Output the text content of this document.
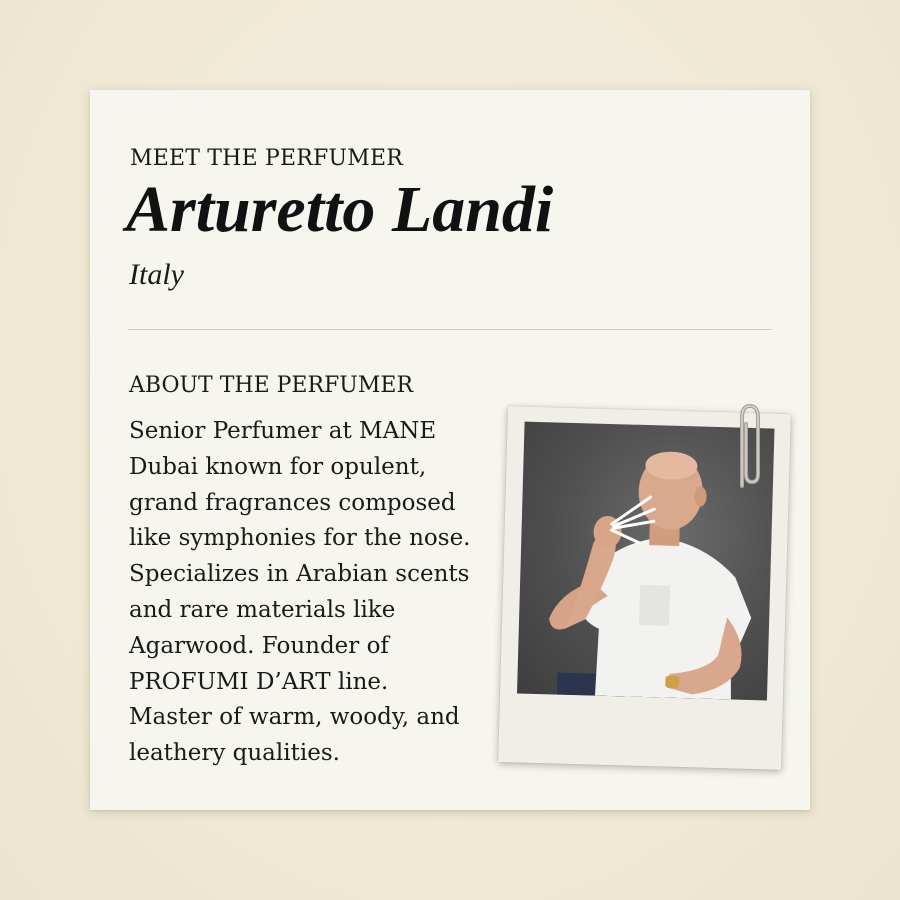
MEET THE PERFUMER

Arturetto Landi

Italy

ABOUT THE PERFUMER

Senior Perfumer at MANE
Dubai known for opulent,
grand fragrances composed
like symphonies for the nose.
Specializes in Arabian scents
and rare materials like
Agarwood. Founder of
PROFUMI D’ART line.
Master of warm, woody, and
leathery qualities.
